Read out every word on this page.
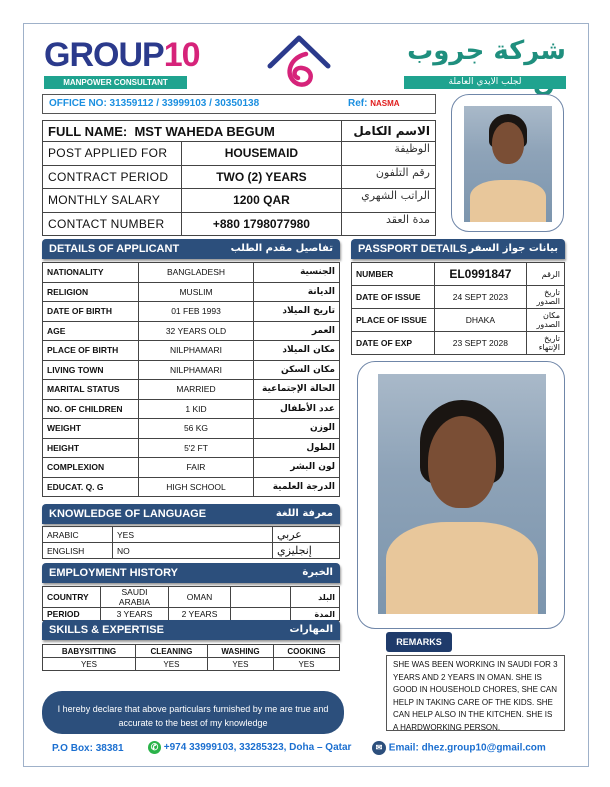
GROUP10
MANPOWER CONSULTANT
شركة جروب
لجلب الايدي العاملة
OFFICE NO: 31359112 / 33999103 / 30350138	Ref: NASMA
FULL NAME: MST WAHEDA BEGUM	الاسم الكامل
POST APPLIED FOR	HOUSEMAID	الوظيفة
CONTRACT PERIOD	TWO (2) YEARS	رقم التلفون
MONTHLY SALARY	1200 QAR	الراتب الشهري
CONTACT NUMBER	+880 1798077980	مدة العقد
DETAILS OF APPLICANT	تفاصيل مقدم الطلب
NATIONALITY	BANGLADESH	الجنسية
RELIGION	MUSLIM	الديانة
DATE OF BIRTH	01 FEB 1993	تاريخ الميلاد
AGE	32 YEARS OLD	العمر
PLACE OF BIRTH	NILPHAMARI	مكان الميلاد
LIVING TOWN	NILPHAMARI	مكان السكن
MARITAL STATUS	MARRIED	الحالة الإجتماعية
NO. OF CHILDREN	1 KID	عدد الأطفال
WEIGHT	56 KG	الوزن
HEIGHT	5'2 FT	الطول
COMPLEXION	FAIR	لون البشر
EDUCAT. Q. G	HIGH SCHOOL	الدرجة العلمية
PASSPORT DETAILS بيانات جواز السفر
NUMBER	EL0991847	الرقم
DATE OF ISSUE	24 SEPT 2023	تاريخ الصدور
PLACE OF ISSUE	DHAKA	مكان الصدور
DATE OF EXP	23 SEPT 2028	تاريخ الإنتهاء
KNOWLEDGE OF LANGUAGE	معرفة اللغة
ARABIC	YES	عربي
ENGLISH	NO	إنجليزي
EMPLOYMENT HISTORY	الخبرة
COUNTRY	SAUDI ARABIA	OMAN		البلد
PERIOD	3 YEARS	2 YEARS		المدة
SKILLS & EXPERTISE	المهارات
BABYSITTING	CLEANING	WASHING	COOKING
YES	YES	YES	YES
REMARKS
SHE WAS BEEN WORKING IN SAUDI FOR 3 YEARS AND 2 YEARS IN OMAN. SHE IS GOOD IN HOUSEHOLD CHORES, SHE CAN HELP IN TAKING CARE OF THE KIDS. SHE CAN HELP ALSO IN THE KITCHEN. SHE IS A HARDWORKING PERSON.
I hereby declare that above particulars furnished by me are true and accurate to the best of my knowledge
P.O Box: 38381	✆ +974 33999103, 33285323, Doha – Qatar	✉ Email: dhez.group10@gmail.com
